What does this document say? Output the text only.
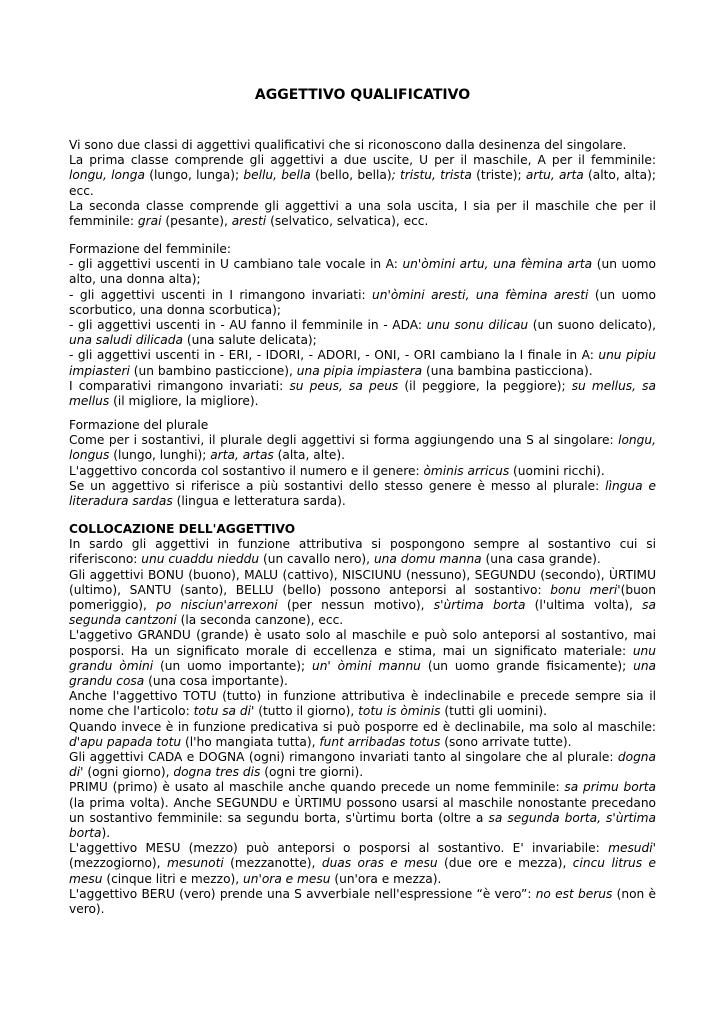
AGGETTIVO QUALIFICATIVO

Vi sono due classi di aggettivi qualificativi che si riconoscono dalla desinenza del singolare.
La prima classe comprende gli aggettivi a due uscite, U per il maschile, A per il femminile: longu, longa (lungo, lunga); bellu, bella (bello, bella); tristu, trista (triste); artu, arta (alto, alta); ecc.
La seconda classe comprende gli aggettivi a una sola uscita, I sia per il maschile che per il femminile: grai (pesante), aresti (selvatico, selvatica), ecc.

Formazione del femminile:
- gli aggettivi uscenti in U cambiano tale vocale in A: un'òmini artu, una fèmina arta (un uomo alto, una donna alta);
- gli aggettivi uscenti in I rimangono invariati: un'òmini aresti, una fèmina aresti (un uomo scorbutico, una donna scorbutica);
- gli aggettivi uscenti in - AU fanno il femminile in - ADA: unu sonu dilicau (un suono delicato), una saludi dilicada (una salute delicata);
- gli aggettivi uscenti in - ERI, - IDORI, - ADORI, - ONI, - ORI cambiano la I finale in A: unu pipiu impiasteri (un bambino pasticcione), una pipia impiastera (una bambina pasticciona).
I comparativi rimangono invariati: su peus, sa peus (il peggiore, la peggiore); su mellus, sa mellus (il migliore, la migliore).

Formazione del plurale
Come per i sostantivi, il plurale degli aggettivi si forma aggiungendo una S al singolare: longu, longus (lungo, lunghi); arta, artas (alta, alte).
L'aggettivo concorda col sostantivo il numero e il genere: òminis arricus (uomini ricchi).
Se un aggettivo si riferisce a più sostantivi dello stesso genere è messo al plurale: lìngua e literadura sardas (lingua e letteratura sarda).

COLLOCAZIONE DELL'AGGETTIVO
In sardo gli aggettivi in funzione attributiva si pospongono sempre al sostantivo cui si riferiscono: unu cuaddu nieddu (un cavallo nero), una domu manna (una casa grande).
Gli aggettivi BONU (buono), MALU (cattivo), NISCIUNU (nessuno), SEGUNDU (secondo), ÙRTIMU (ultimo), SANTU (santo), BELLU (bello) possono anteporsi al sostantivo: bonu meri'(buon pomeriggio), po nisciun'arrexoni (per nessun motivo), s'ùrtima borta (l'ultima volta), sa segunda cantzoni (la seconda canzone), ecc.
L'aggetivo GRANDU (grande) è usato solo al maschile e può solo anteporsi al sostantivo, mai posporsi. Ha un significato morale di eccellenza e stima, mai un significato materiale: unu grandu òmini (un uomo importante); un' òmini mannu (un uomo grande fisicamente); una grandu cosa (una cosa importante).
Anche l'aggettivo TOTU (tutto) in funzione attributiva è indeclinabile e precede sempre sia il nome che l'articolo: totu sa di' (tutto il giorno), totu is òminis (tutti gli uomini).
Quando invece è in funzione predicativa si può posporre ed è declinabile, ma solo al maschile: d'apu papada totu (l'ho mangiata tutta), funt arribadas totus (sono arrivate tutte).
Gli aggettivi CADA e DOGNA (ogni) rimangono invariati tanto al singolare che al plurale: dogna di' (ogni giorno), dogna tres dis (ogni tre giorni).
PRIMU (primo) è usato al maschile anche quando precede un nome femminile: sa primu borta (la prima volta). Anche SEGUNDU e ÙRTIMU possono usarsi al maschile nonostante precedano un sostantivo femminile: sa segundu borta, s'ùrtimu borta (oltre a sa segunda borta, s'ùrtima borta).
L'aggettivo MESU (mezzo) può anteporsi o posporsi al sostantivo. E' invariabile: mesudi' (mezzogiorno), mesunoti (mezzanotte), duas oras e mesu (due ore e mezza), cincu litrus e mesu (cinque litri e mezzo), un'ora e mesu (un'ora e mezza).
L'aggettivo BERU (vero) prende una S avverbiale nell'espressione “è vero”: no est berus (non è vero).
